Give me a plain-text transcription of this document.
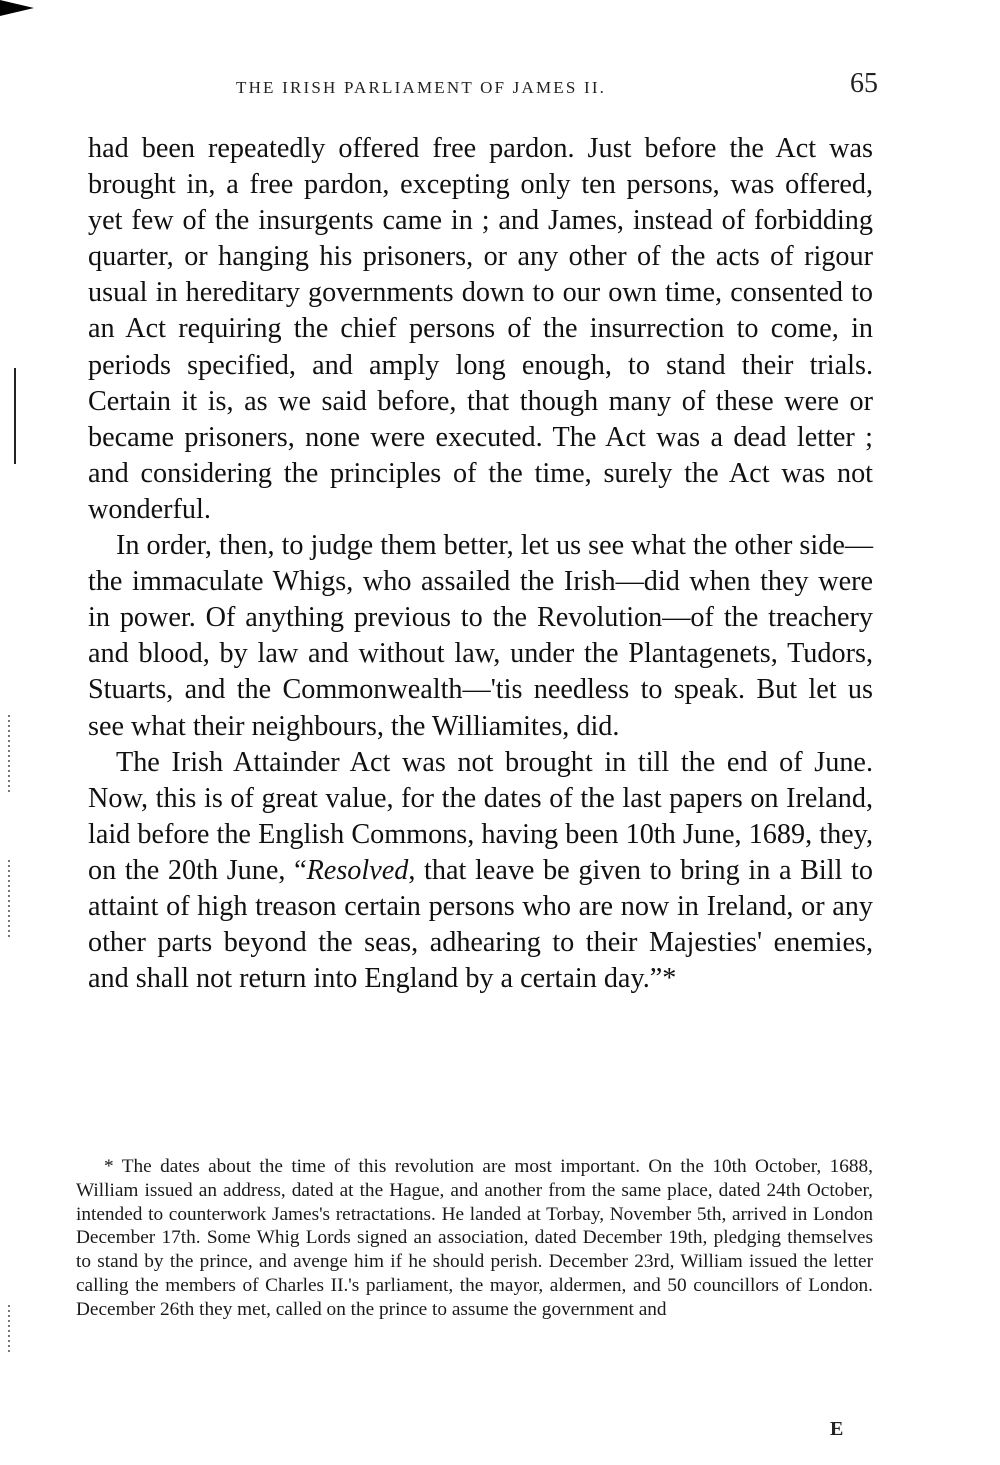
THE IRISH PARLIAMENT OF JAMES II.	65

had been repeatedly offered free pardon. Just before the Act was brought in, a free pardon, excepting only ten persons, was offered, yet few of the insurgents came in ; and James, instead of forbidding quarter, or hanging his prisoners, or any other of the acts of rigour usual in hereditary governments down to our own time, consented to an Act requiring the chief persons of the insurrection to come, in periods specified, and amply long enough, to stand their trials. Certain it is, as we said before, that though many of these were or became prisoners, none were executed. The Act was a dead letter ; and considering the principles of the time, surely the Act was not wonderful.

In order, then, to judge them better, let us see what the other side—the immaculate Whigs, who assailed the Irish—did when they were in power. Of anything previous to the Revolution—of the treachery and blood, by law and without law, under the Plantagenets, Tudors, Stuarts, and the Commonwealth—'tis needless to speak. But let us see what their neighbours, the Williamites, did.

The Irish Attainder Act was not brought in till the end of June. Now, this is of great value, for the dates of the last papers on Ireland, laid before the English Commons, having been 10th June, 1689, they, on the 20th June, “Resolved, that leave be given to bring in a Bill to attaint of high treason certain persons who are now in Ireland, or any other parts beyond the seas, adhearing to their Majesties' enemies, and shall not return into England by a certain day.”*

* The dates about the time of this revolution are most important. On the 10th October, 1688, William issued an address, dated at the Hague, and another from the same place, dated 24th October, intended to counterwork James's retractations. He landed at Torbay, November 5th, arrived in London December 17th. Some Whig Lords signed an association, dated December 19th, pledging themselves to stand by the prince, and avenge him if he should perish. December 23rd, William issued the letter calling the members of Charles II.'s parliament, the mayor, aldermen, and 50 councillors of London. December 26th they met, called on the prince to assume the government and
E
